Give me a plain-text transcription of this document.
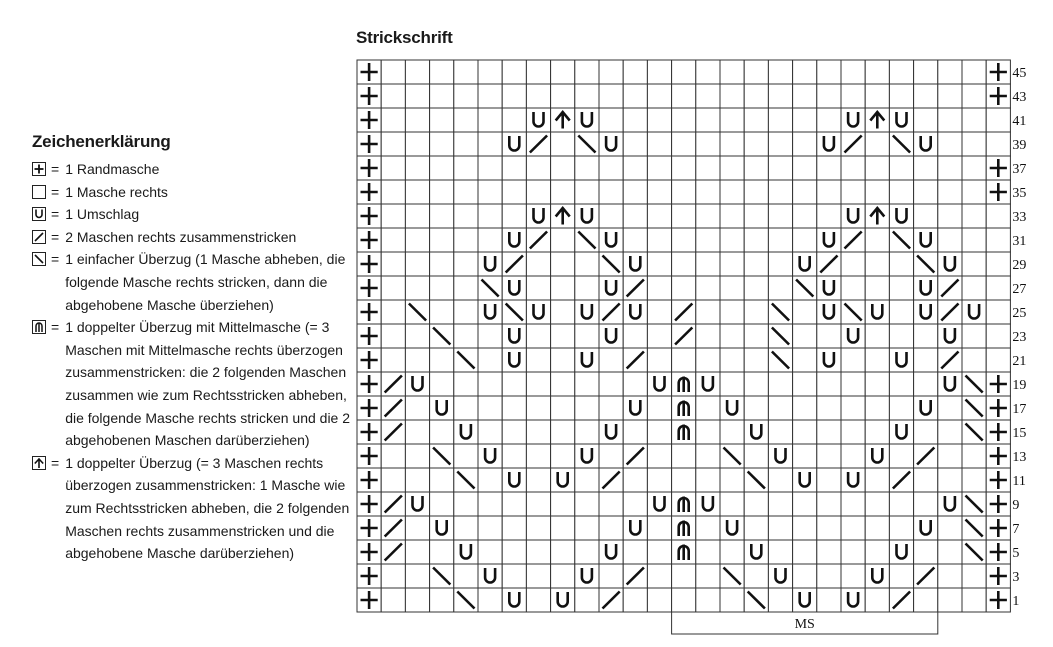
Strickschrift
Zeichenerklärung
= 1 Randmasche
= 1 Masche rechts
= 1 Umschlag
= 2 Maschen rechts zusammenstricken
= 1 einfacher Überzug (1 Masche abheben, die folgende Masche rechts stricken, dann die abgehobene Masche überziehen)
= 1 doppelter Überzug mit Mittelmasche (= 3 Maschen mit Mittelmasche rechts überzogen zusammenstricken: die 2 folgenden Maschen zusammen wie zum Rechtsstricken abheben, die folgende Masche rechts stricken und die 2 abgehobenen Maschen darüberziehen)
= 1 doppelter Überzug (= 3 Maschen rechts überzogen zusammenstricken: 1 Masche wie zum Rechtsstricken abheben, die 2 folgenden Maschen rechts zusammenstricken und die abgehobene Masche darüberziehen)
45
43
41
39
37
35
33
31
29
27
25
23
21
19
17
15
13
11
9
7
5
3
1
MS
